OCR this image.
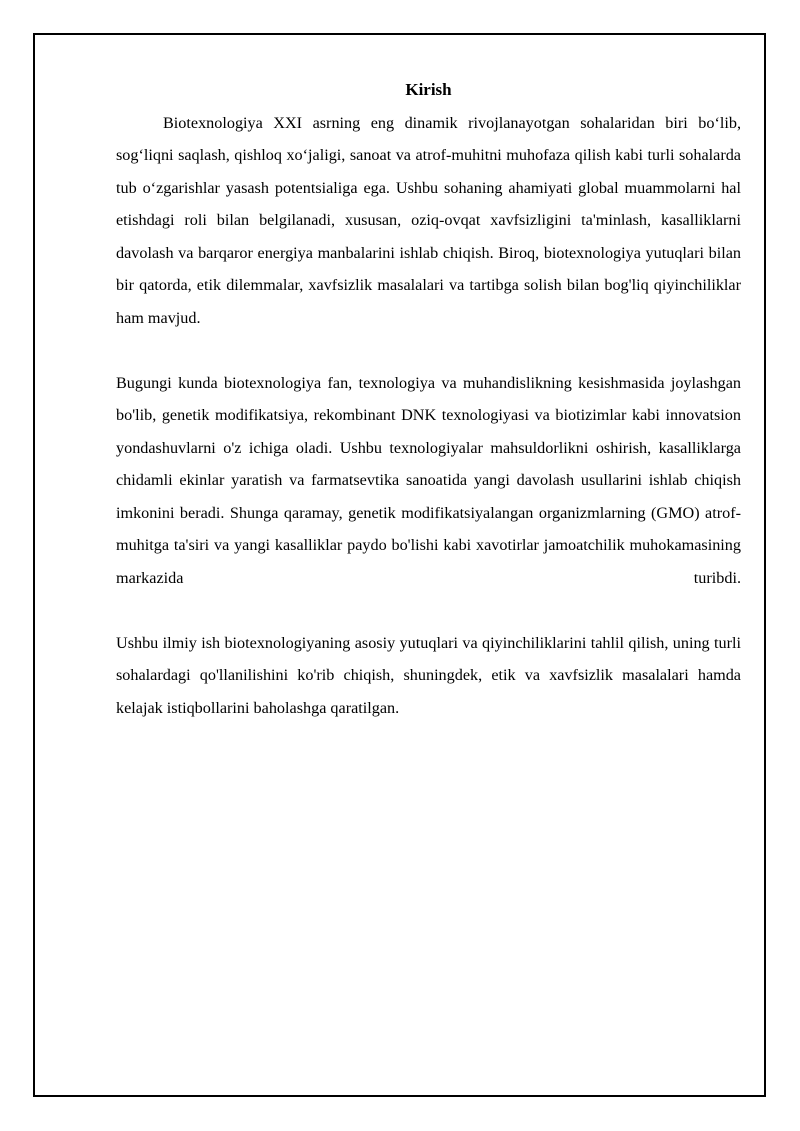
Kirish

Biotexnologiya XXI asrning eng dinamik rivojlanayotgan sohalaridan biri bo‘lib, sog‘liqni saqlash, qishloq xo‘jaligi, sanoat va atrof-muhitni muhofaza qilish kabi turli sohalarda tub o‘zgarishlar yasash potentsialiga ega. Ushbu sohaning ahamiyati global muammolarni hal etishdagi roli bilan belgilanadi, xususan, oziq-ovqat xavfsizligini ta'minlash, kasalliklarni davolash va barqaror energiya manbalarini ishlab chiqish. Biroq, biotexnologiya yutuqlari bilan bir qatorda, etik dilemmalar, xavfsizlik masalalari va tartibga solish bilan bog'liq qiyinchiliklar ham mavjud.

Bugungi kunda biotexnologiya fan, texnologiya va muhandislikning kesishmasida joylashgan bo'lib, genetik modifikatsiya, rekombinant DNK texnologiyasi va biotizimlar kabi innovatsion yondashuvlarni o'z ichiga oladi. Ushbu texnologiyalar mahsuldorlikni oshirish, kasalliklarga chidamli ekinlar yaratish va farmatsevtika sanoatida yangi davolash usullarini ishlab chiqish imkonini beradi. Shunga qaramay, genetik modifikatsiyalangan organizmlarning (GMO) atrof-muhitga ta'siri va yangi kasalliklar paydo bo'lishi kabi xavotirlar jamoatchilik muhokamasining markazida turibdi.

Ushbu ilmiy ish biotexnologiyaning asosiy yutuqlari va qiyinchiliklarini tahlil qilish, uning turli sohalardagi qo'llanilishini ko'rib chiqish, shuningdek, etik va xavfsizlik masalalari hamda kelajak istiqbollarini baholashga qaratilgan.
